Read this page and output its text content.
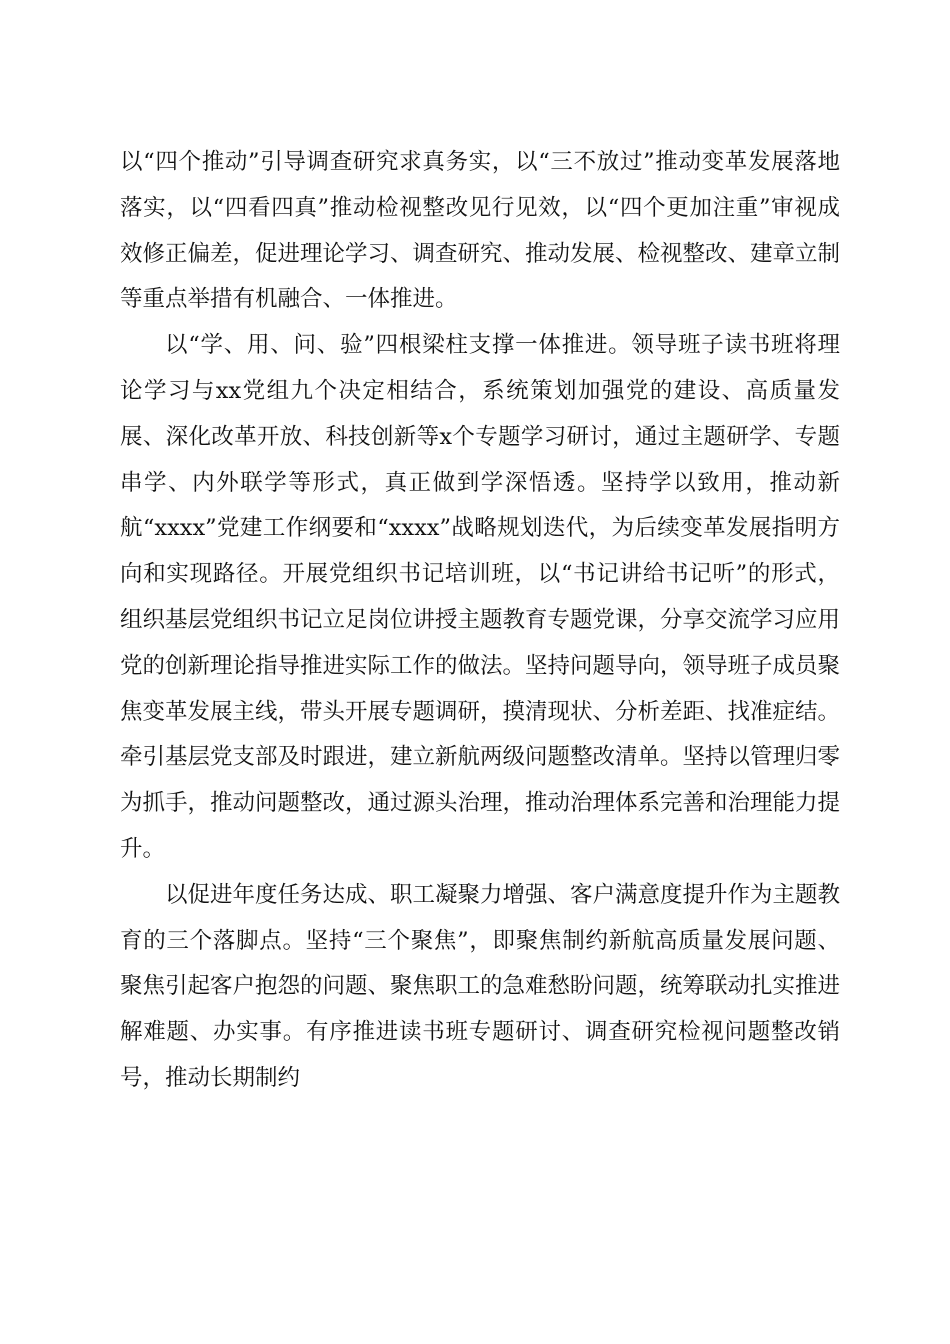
以“四个推动”引导调查研究求真务实，以“三不放过”推动变革发展落地落实，以“四看四真”推动检视整改见行见效，以“四个更加注重”审视成效修正偏差，促进理论学习、调查研究、推动发展、检视整改、建章立制等重点举措有机融合、一体推进。

以“学、用、问、验”四根梁柱支撑一体推进。领导班子读书班将理论学习与xx党组九个决定相结合，系统策划加强党的建设、高质量发展、深化改革开放、科技创新等x个专题学习研讨，通过主题研学、专题串学、内外联学等形式，真正做到学深悟透。坚持学以致用，推动新航“xxxx”党建工作纲要和“xxxx”战略规划迭代，为后续变革发展指明方向和实现路径。开展党组织书记培训班，以“书记讲给书记听”的形式，组织基层党组织书记立足岗位讲授主题教育专题党课，分享交流学习应用党的创新理论指导推进实际工作的做法。坚持问题导向，领导班子成员聚焦变革发展主线，带头开展专题调研，摸清现状、分析差距、找准症结。牵引基层党支部及时跟进，建立新航两级问题整改清单。坚持以管理归零为抓手，推动问题整改，通过源头治理，推动治理体系完善和治理能力提升。

以促进年度任务达成、职工凝聚力增强、客户满意度提升作为主题教育的三个落脚点。坚持“三个聚焦”，即聚焦制约新航高质量发展问题、聚焦引起客户抱怨的问题、聚焦职工的急难愁盼问题，统筹联动扎实推进解难题、办实事。有序推进读书班专题研讨、调查研究检视问题整改销号，推动长期制约
